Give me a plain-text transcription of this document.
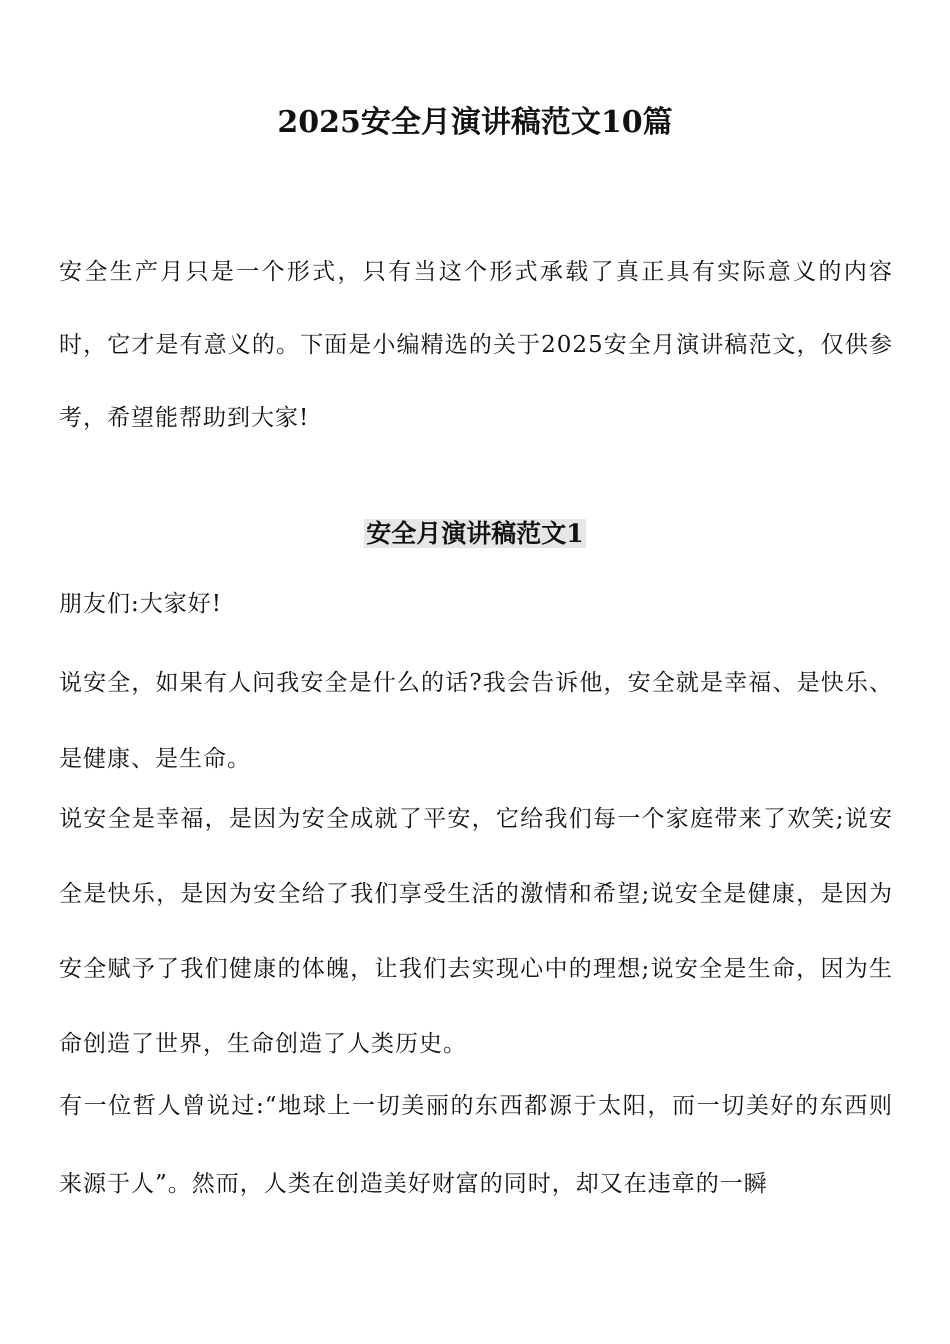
2025安全月演讲稿范文10篇

安全生产月只是一个形式，只有当这个形式承载了真正具有实际意义的内容时，它才是有意义的。下面是小编精选的关于2025安全月演讲稿范文，仅供参考，希望能帮助到大家!

安全月演讲稿范文1

朋友们:大家好!

说安全，如果有人问我安全是什么的话?我会告诉他，安全就是幸福、是快乐、是健康、是生命。

说安全是幸福，是因为安全成就了平安，它给我们每一个家庭带来了欢笑;说安全是快乐，是因为安全给了我们享受生活的激情和希望;说安全是健康，是因为安全赋予了我们健康的体魄，让我们去实现心中的理想;说安全是生命，因为生命创造了世界，生命创造了人类历史。

有一位哲人曾说过:“地球上一切美丽的东西都源于太阳，而一切美好的东西则来源于人”。然而，人类在创造美好财富的同时，却又在违章的一瞬
